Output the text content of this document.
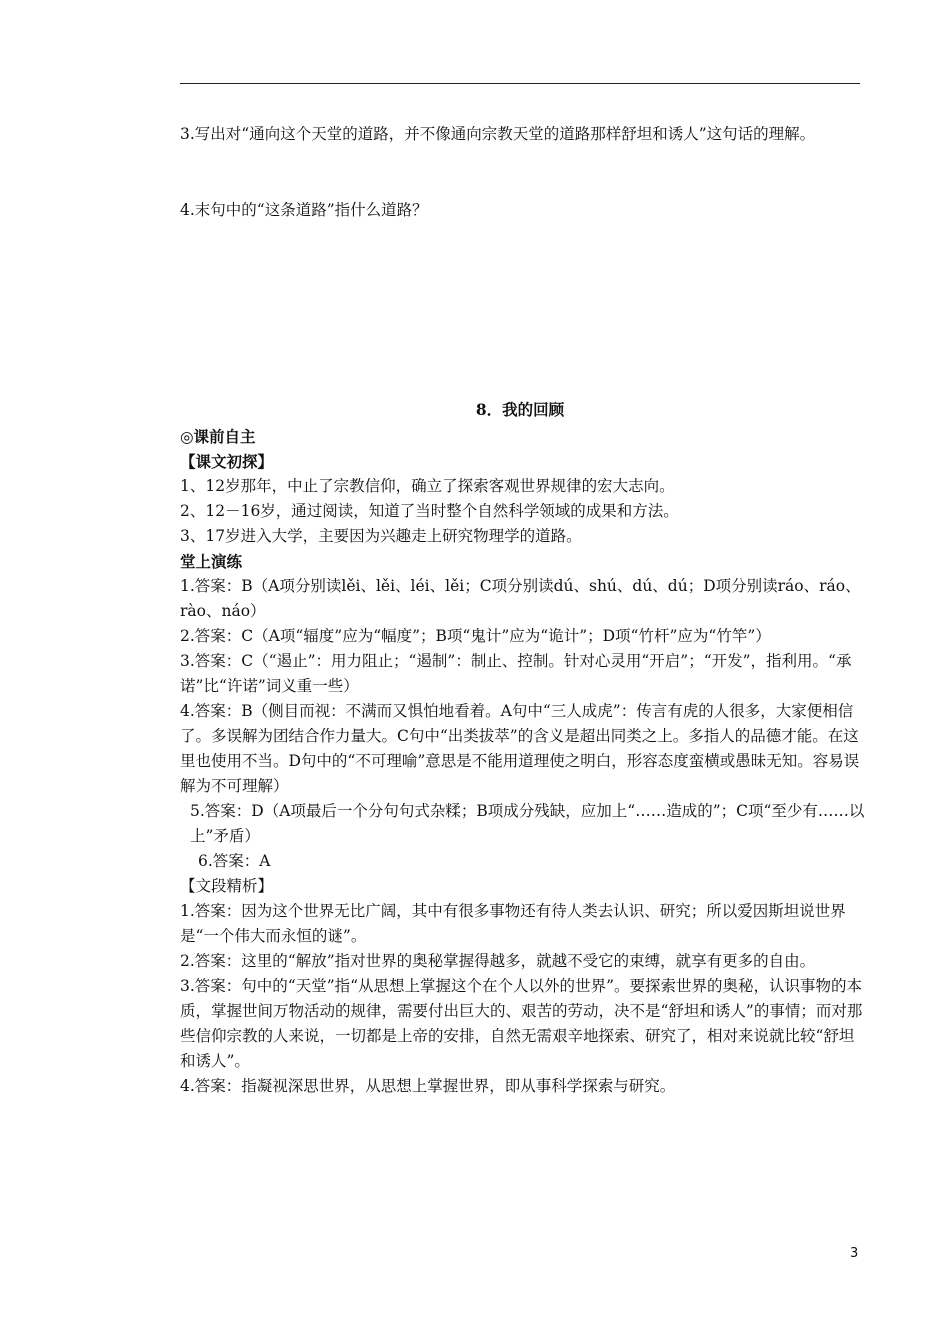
3.写出对“通向这个天堂的道路，并不像通向宗教天堂的道路那样舒坦和诱人”这句话的理解。
4.末句中的“这条道路”指什么道路？
8．我的回顾
◎课前自主
【课文初探】
1、12岁那年，中止了宗教信仰，确立了探索客观世界规律的宏大志向。
2、12－16岁，通过阅读，知道了当时整个自然科学领域的成果和方法。
3、17岁进入大学，主要因为兴趣走上研究物理学的道路。
堂上演练
1.答案：B（A项分别读lěi、lěi、léi、lěi；C项分别读dú、shú、dú、dú；D项分别读ráo、ráo、rào、náo）
2.答案：C（A项“辐度”应为“幅度”；B项“鬼计”应为“诡计”；D项“竹杆”应为“竹竿”）
3.答案：C（“遏止”：用力阻止；“遏制”：制止、控制。针对心灵用“开启”；“开发”，指利用。“承诺”比“许诺”词义重一些）
4.答案：B（侧目而视：不满而又惧怕地看着。A句中“三人成虎”：传言有虎的人很多，大家便相信了。多误解为团结合作力量大。C句中“出类拔萃”的含义是超出同类之上。多指人的品德才能。在这里也使用不当。D句中的“不可理喻”意思是不能用道理使之明白，形容态度蛮横或愚昧无知。容易误解为不可理解）
5.答案：D（A项最后一个分句句式杂糅；B项成分残缺，应加上“……造成的”；C项“至少有……以上”矛盾）
6.答案：A
【文段精析】
1.答案：因为这个世界无比广阔，其中有很多事物还有待人类去认识、研究；所以爱因斯坦说世界是“一个伟大而永恒的谜”。
2.答案：这里的“解放”指对世界的奥秘掌握得越多，就越不受它的束缚，就享有更多的自由。
3.答案：句中的“天堂”指“从思想上掌握这个在个人以外的世界”。要探索世界的奥秘，认识事物的本质，掌握世间万物活动的规律，需要付出巨大的、艰苦的劳动，决不是“舒坦和诱人”的事情；而对那些信仰宗教的人来说，一切都是上帝的安排，自然无需艰辛地探索、研究了，相对来说就比较“舒坦和诱人”。
4.答案：指凝视深思世界，从思想上掌握世界，即从事科学探索与研究。
3
